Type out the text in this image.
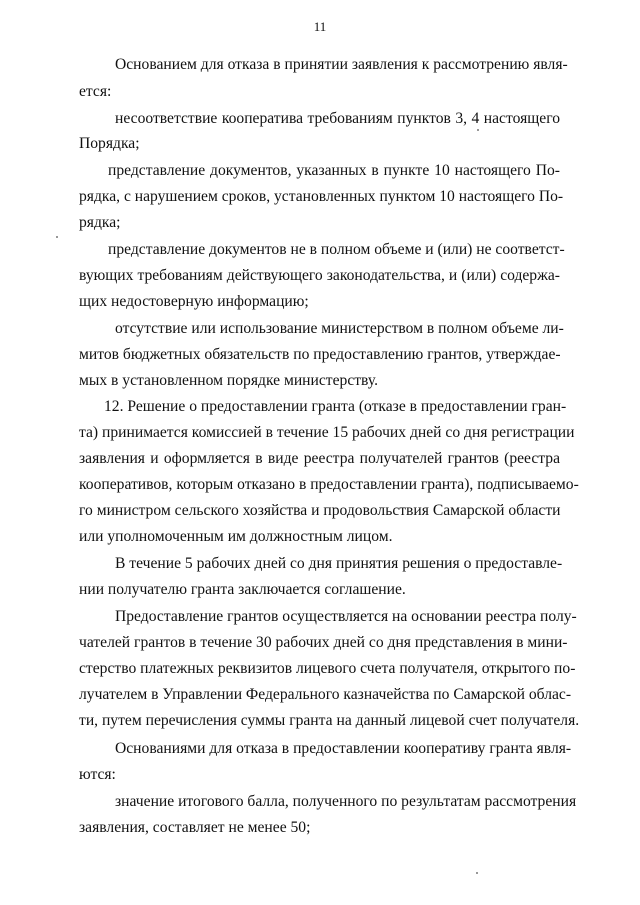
11
Основанием для отказа в принятии заявления к рассмотрению явля-
ется:
несоответствие кооператива требованиям пунктов 3, 4 настоящего
Порядка;
представление документов, указанных в пункте 10 настоящего По-
рядка, с нарушением сроков, установленных пунктом 10 настоящего По-
рядка;
представление документов не в полном объеме и (или) не соответст-
вующих требованиям действующего законодательства, и (или) содержа-
щих недостоверную информацию;
отсутствие или использование министерством в полном объеме ли-
митов бюджетных обязательств по предоставлению грантов, утверждае-
мых в установленном порядке министерству.
12. Решение о предоставлении гранта (отказе в предоставлении гран-
та) принимается комиссией в течение 15 рабочих дней со дня регистрации
заявления и оформляется в виде реестра получателей грантов (реестра
кооперативов, которым отказано в предоставлении гранта), подписываемо-
го министром сельского хозяйства и продовольствия Самарской области
или уполномоченным им должностным лицом.
В течение 5 рабочих дней со дня принятия решения о предоставле-
нии получателю гранта заключается соглашение.
Предоставление грантов осуществляется на основании реестра полу-
чателей грантов в течение 30 рабочих дней со дня представления в мини-
стерство платежных реквизитов лицевого счета получателя, открытого по-
лучателем в Управлении Федерального казначейства по Самарской облас-
ти, путем перечисления суммы гранта на данный лицевой счет получателя.
Основаниями для отказа в предоставлении кооперативу гранта явля-
ются:
значение итогового балла, полученного по результатам рассмотрения
заявления, составляет не менее 50;
